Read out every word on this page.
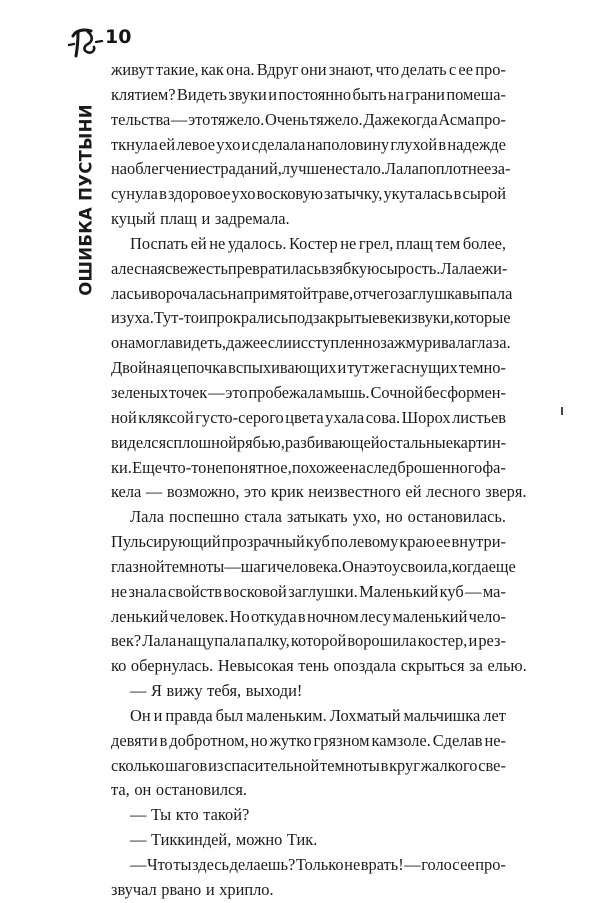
10
ОШИБКА ПУСТЫНИ
живут такие, как она. Вдруг они знают, что делать с ее про-
клятием? Видеть звуки и постоянно быть на грани помеша-
тельства — это тяжело. Очень тяжело. Даже когда Асма про-
ткнула ей левое ухо и сделала наполовину глухой в надежде
на облегчение страданий, лучше не стало. Лала поплотнее за-
сунула в здоровое ухо восковую затычку, укуталась в сырой
куцый плащ и задремала.
Поспать ей не удалось. Костер не грел, плащ тем более,
а лесная свежесть превратилась в зябкую сырость. Лала ежи-
лась и ворочалась на примятой траве, отчего заглушка выпала
из уха. Тут-то и прокрались под закрытые веки звуки, которые
она могла видеть, даже если исступленно зажмуривала глаза.
Двойная цепочка вспыхивающих и тут же гаснущих темно-
зеленых точек — это пробежала мышь. Сочной бесформен-
ной кляксой густо-серого цвета ухала сова. Шорох листьев
виделся сплошной рябью, разбивающей остальные картин-
ки. Еще что-то непонятное, похожее на след брошенного фа-
кела — возможно, это крик неизвестного ей лесного зверя.
Лала поспешно стала затыкать ухо, но остановилась.
Пульсирующий прозрачный куб по левому краю ее внутри-
глазной темноты — шаги человека. Она это усвоила, когда еще
не знала свойств восковой заглушки. Маленький куб — ма-
ленький человек. Но откуда в ночном лесу маленький чело-
век? Лала нащупала палку, которой ворошила костер, и рез-
ко обернулась. Невысокая тень опоздала скрыться за елью.
— Я вижу тебя, выходи!
Он и правда был маленьким. Лохматый мальчишка лет
девяти в добротном, но жутко грязном камзоле. Сделав не-
сколько шагов из спасительной темноты в круг жалкого све-
та, он остановился.
— Ты кто такой?
— Тиккиндей, можно Тик.
— Что ты здесь делаешь? Только не врать! — голос ее про-
звучал рвано и хрипло.
